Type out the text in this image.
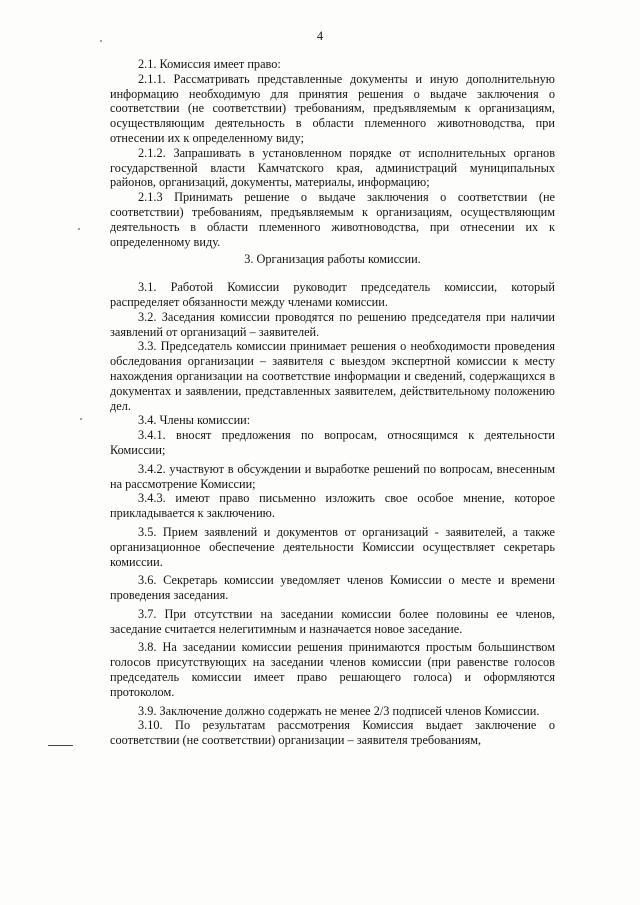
4

2.1. Комиссия имеет право:

2.1.1. Рассматривать представленные документы и иную дополнительную информацию необходимую для принятия решения о выдаче заключения о соответствии (не соответствии) требованиям, предъявляемым к организациям, осуществляющим деятельность в области племенного животноводства, при отнесении их к определенному виду;

2.1.2. Запрашивать в установленном порядке от исполнительных органов государственной власти Камчатского края, администраций муниципальных районов, организаций, документы, материалы, информацию;

2.1.3 Принимать решение о выдаче заключения о соответствии (не соответствии) требованиям, предъявляемым к организациям, осуществляющим деятельность в области племенного животноводства, при отнесении их к определенному виду.

3. Организация работы комиссии.

3.1. Работой Комиссии руководит председатель комиссии, который распределяет обязанности между членами комиссии.

3.2. Заседания комиссии проводятся по решению председателя при наличии заявлений от организаций – заявителей.

3.3. Председатель комиссии принимает решения о необходимости проведения обследования организации – заявителя с выездом экспертной комиссии к месту нахождения организации на соответствие информации и сведений, содержащихся в документах и заявлении, представленных заявителем, действительному положению дел.

3.4. Члены комиссии:

3.4.1. вносят предложения по вопросам, относящимся к деятельности Комиссии;

3.4.2. участвуют в обсуждении и выработке решений по вопросам, внесенным на рассмотрение Комиссии;

3.4.3. имеют право письменно изложить свое особое мнение, которое прикладывается к заключению.

3.5. Прием заявлений и документов от организаций - заявителей, а также организационное обеспечение деятельности Комиссии осуществляет секретарь комиссии.

3.6. Секретарь комиссии уведомляет членов Комиссии о месте и времени проведения заседания.

3.7. При отсутствии на заседании комиссии более половины ее членов, заседание считается нелегитимным и назначается новое заседание.

3.8. На заседании комиссии решения принимаются простым большинством голосов присутствующих на заседании членов комиссии (при равенстве голосов председатель комиссии имеет право решающего голоса) и оформляются протоколом.

3.9. Заключение должно содержать не менее 2/3 подписей членов Комиссии.

3.10. По результатам рассмотрения Комиссия выдает заключение о соответствии (не соответствии) организации – заявителя требованиям,
